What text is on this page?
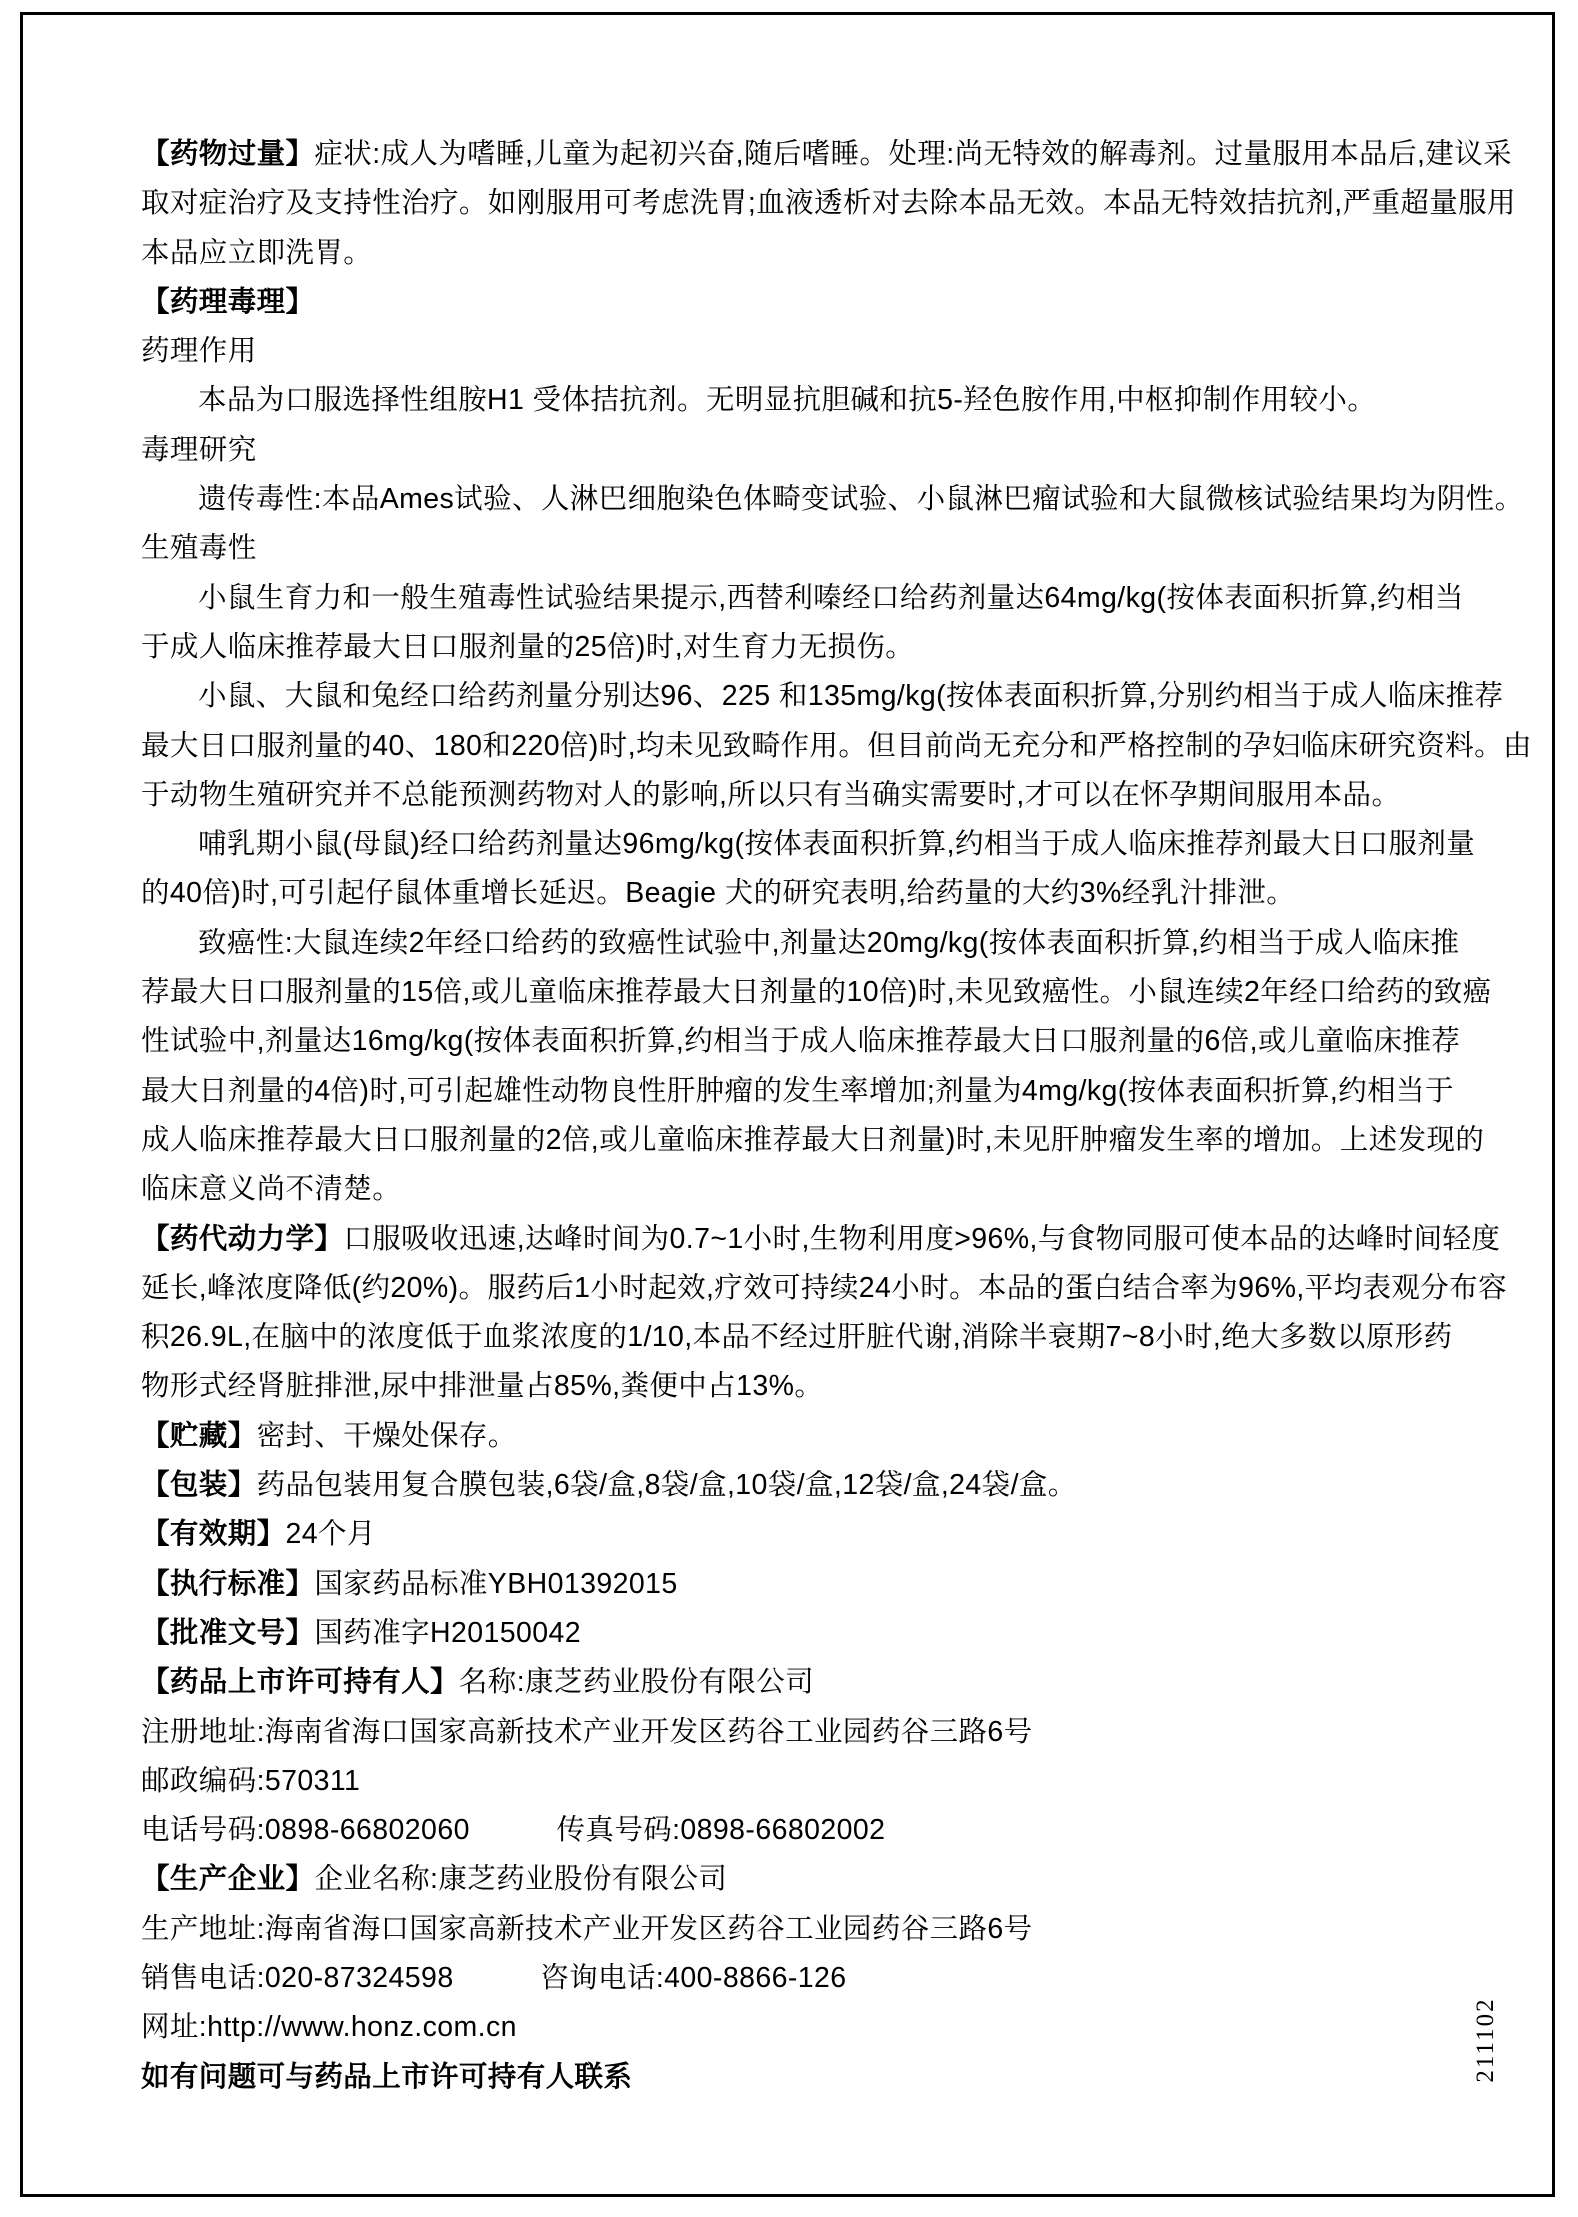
【药物过量】症状:成人为嗜睡,儿童为起初兴奋,随后嗜睡。处理:尚无特效的解毒剂。过量服用本品后,建议采
取对症治疗及支持性治疗。如刚服用可考虑洗胃;血液透析对去除本品无效。本品无特效拮抗剂,严重超量服用
本品应立即洗胃。
【药理毒理】
药理作用
本品为口服选择性组胺H1 受体拮抗剂。无明显抗胆碱和抗5-羟色胺作用,中枢抑制作用较小。
毒理研究
遗传毒性:本品Ames试验、人淋巴细胞染色体畸变试验、小鼠淋巴瘤试验和大鼠微核试验结果均为阴性。
生殖毒性
小鼠生育力和一般生殖毒性试验结果提示,西替利嗪经口给药剂量达64mg/kg(按体表面积折算,约相当
于成人临床推荐最大日口服剂量的25倍)时,对生育力无损伤。
小鼠、大鼠和兔经口给药剂量分别达96、225 和135mg/kg(按体表面积折算,分别约相当于成人临床推荐
最大日口服剂量的40、180和220倍)时,均未见致畸作用。但目前尚无充分和严格控制的孕妇临床研究资料。由
于动物生殖研究并不总能预测药物对人的影响,所以只有当确实需要时,才可以在怀孕期间服用本品。
哺乳期小鼠(母鼠)经口给药剂量达96mg/kg(按体表面积折算,约相当于成人临床推荐剂最大日口服剂量
的40倍)时,可引起仔鼠体重增长延迟。Beagie 犬的研究表明,给药量的大约3%经乳汁排泄。
致癌性:大鼠连续2年经口给药的致癌性试验中,剂量达20mg/kg(按体表面积折算,约相当于成人临床推
荐最大日口服剂量的15倍,或儿童临床推荐最大日剂量的10倍)时,未见致癌性。小鼠连续2年经口给药的致癌
性试验中,剂量达16mg/kg(按体表面积折算,约相当于成人临床推荐最大日口服剂量的6倍,或儿童临床推荐
最大日剂量的4倍)时,可引起雄性动物良性肝肿瘤的发生率增加;剂量为4mg/kg(按体表面积折算,约相当于
成人临床推荐最大日口服剂量的2倍,或儿童临床推荐最大日剂量)时,未见肝肿瘤发生率的增加。上述发现的
临床意义尚不清楚。
【药代动力学】口服吸收迅速,达峰时间为0.7~1小时,生物利用度>96%,与食物同服可使本品的达峰时间轻度
延长,峰浓度降低(约20%)。服药后1小时起效,疗效可持续24小时。本品的蛋白结合率为96%,平均表观分布容
积26.9L,在脑中的浓度低于血浆浓度的1/10,本品不经过肝脏代谢,消除半衰期7~8小时,绝大多数以原形药
物形式经肾脏排泄,尿中排泄量占85%,粪便中占13%。
【贮藏】密封、干燥处保存。
【包装】药品包装用复合膜包装,6袋/盒,8袋/盒,10袋/盒,12袋/盒,24袋/盒。
【有效期】24个月
【执行标准】国家药品标准YBH01392015
【批准文号】国药准字H20150042
【药品上市许可持有人】名称:康芝药业股份有限公司
注册地址:海南省海口国家高新技术产业开发区药谷工业园药谷三路6号
邮政编码:570311
电话号码:0898-66802060　　　传真号码:0898-66802002
【生产企业】企业名称:康芝药业股份有限公司
生产地址:海南省海口国家高新技术产业开发区药谷工业园药谷三路6号
销售电话:020-87324598　　　咨询电话:400-8866-126
网址:http://www.honz.com.cn
如有问题可与药品上市许可持有人联系	211102
